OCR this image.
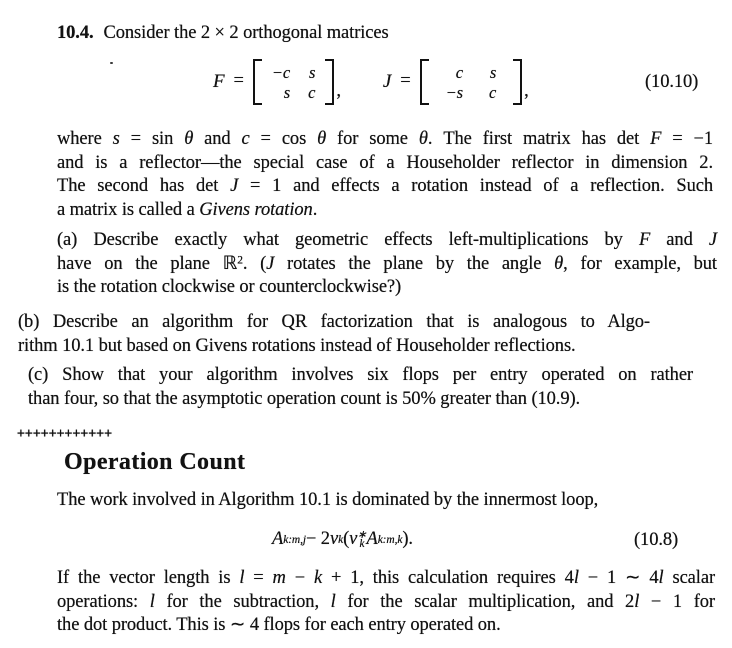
10.4. Consider the 2 × 2 orthogonal matrices
F = −c s
s c , J =	c s
−s c ,	(10.10)
where s = sin θ and c = cos θ for some θ. The first matrix has det F = −1
and is a reflector—the special case of a Householder reflector in dimension 2.
The second has det J = 1 and effects a rotation instead of a reflection. Such
a matrix is called a Givens rotation.
(a) Describe exactly what geometric effects left-multiplications by F and J
have on the plane ℝ$^2$. (J rotates the plane by the angle θ, for example, but
is the rotation clockwise or counterclockwise?)
(b) Describe an algorithm for QR factorization that is analogous to Algo-
rithm 10.1 but based on Givens rotations instead of Householder reflections.
(c) Show that your algorithm involves six flops per entry operated on rather
than four, so that the asymptotic operation count is 50% greater than (10.9).
++++++++++++
Operation Count
The work involved in Algorithm 10.1 is dominated by the innermost loop,
A k:m,j − 2 v k ( v ∗
k A k:m,k ).	(10.8)
If the vector length is l = m − k + 1, this calculation requires 4l − 1 ∼ 4l scalar
operations: l for the subtraction, l for the scalar multiplication, and 2l − 1 for
the dot product. This is ∼ 4 flops for each entry operated on.
